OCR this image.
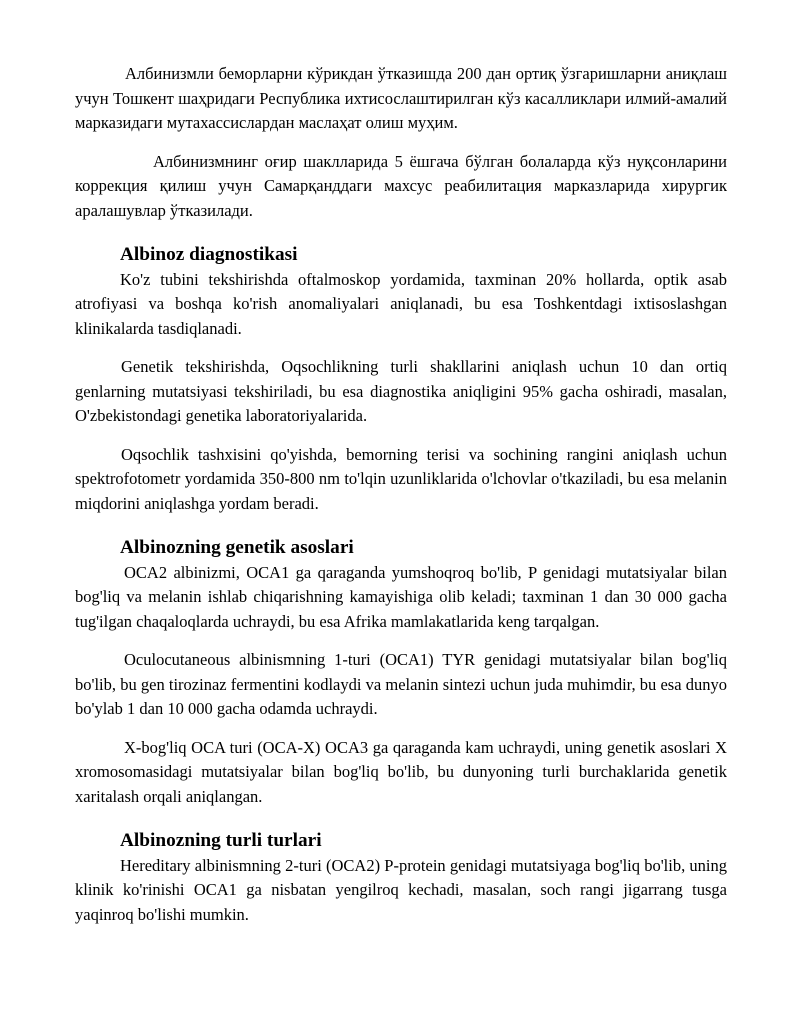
Албинизмли беморларни кўрикдан ўтказишда 200 дан ортиқ ўзгаришларни аниқлаш учун Тошкент шаҳридаги Республика ихтисослаштирилган кўз касалликлари илмий-амалий марказидаги мутахассислардан маслаҳат олиш муҳим.

Албинизмнинг оғир шаклларида 5 ёшгача бўлган болаларда кўз нуқсонларини коррекция қилиш учун Самарқанддаги махсус реабилитация марказларида хирургик аралашувлар ўтказилади.

Albinoz diagnostikasi

Ko'z tubini tekshirishda oftalmoskop yordamida, taxminan 20% hollarda, optik asab atrofiyasi va boshqa ko'rish anomaliyalari aniqlanadi, bu esa Toshkentdagi ixtisoslashgan klinikalarda tasdiqlanadi.

Genetik tekshirishda, Oqsochlikning turli shakllarini aniqlash uchun 10 dan ortiq genlarning mutatsiyasi tekshiriladi, bu esa diagnostika aniqligini 95% gacha oshiradi, masalan, O'zbekistondagi genetika laboratoriyalarida.

Oqsochlik tashxisini qo'yishda, bemorning terisi va sochining rangini aniqlash uchun spektrofotometr yordamida 350-800 nm to'lqin uzunliklarida o'lchovlar o'tkaziladi, bu esa melanin miqdorini aniqlashga yordam beradi.

Albinozning genetik asoslari

OCA2 albinizmi, OCA1 ga qaraganda yumshoqroq bo'lib, P genidagi mutatsiyalar bilan bog'liq va melanin ishlab chiqarishning kamayishiga olib keladi; taxminan 1 dan 30 000 gacha tug'ilgan chaqaloqlarda uchraydi, bu esa Afrika mamlakatlarida keng tarqalgan.

Oculocutaneous albinismning 1-turi (OCA1) TYR genidagi mutatsiyalar bilan bog'liq bo'lib, bu gen tirozinaz fermentini kodlaydi va melanin sintezi uchun juda muhimdir, bu esa dunyo bo'ylab 1 dan 10 000 gacha odamda uchraydi.

X-bog'liq OCA turi (OCA-X) OCA3 ga qaraganda kam uchraydi, uning genetik asoslari X xromosomasidagi mutatsiyalar bilan bog'liq bo'lib, bu dunyoning turli burchaklarida genetik xaritalash orqali aniqlangan.

Albinozning turli turlari

Hereditary albinismning 2-turi (OCA2) P-protein genidagi mutatsiyaga bog'liq bo'lib, uning klinik ko'rinishi OCA1 ga nisbatan yengilroq kechadi, masalan, soch rangi jigarrang tusga yaqinroq bo'lishi mumkin.
